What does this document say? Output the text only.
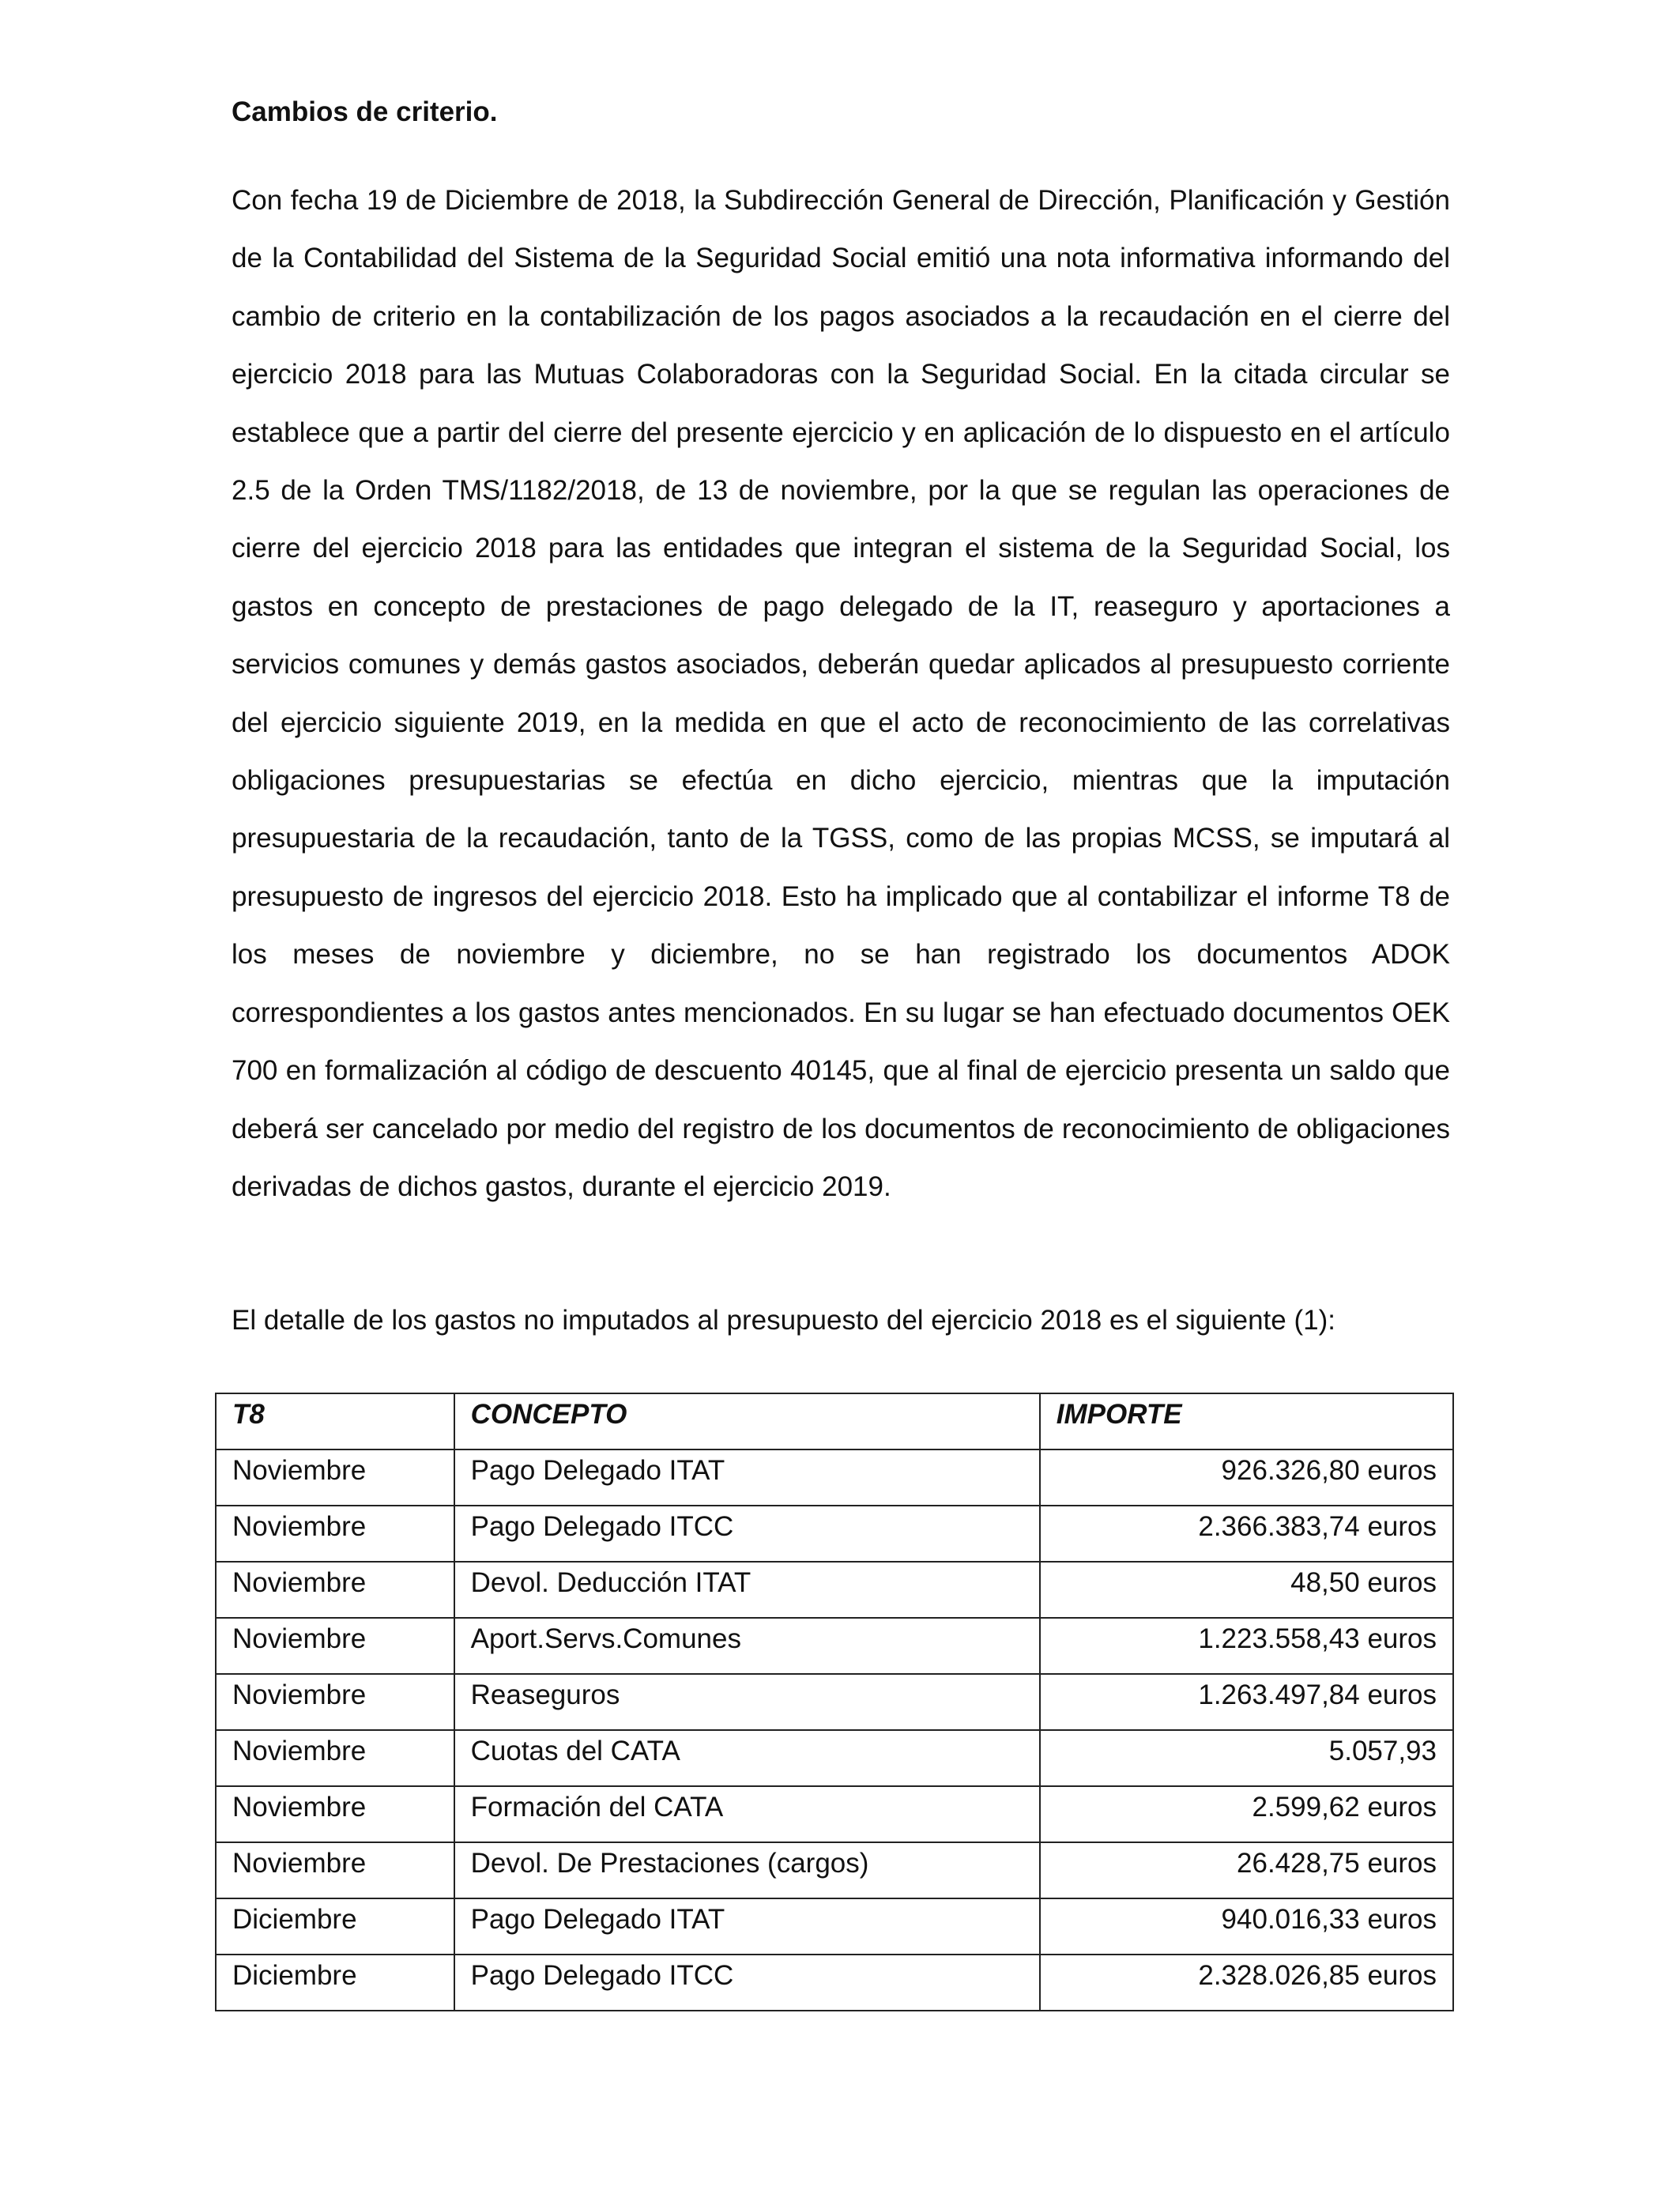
Cambios de criterio.

Con fecha 19 de Diciembre de 2018, la Subdirección General de Dirección, Planificación y Gestión de la Contabilidad del Sistema de la Seguridad Social emitió una nota informativa informando del cambio de criterio en la contabilización de los pagos asociados a la recaudación en el cierre del ejercicio 2018 para las Mutuas Colaboradoras con la Seguridad Social. En la citada circular se establece que a partir del cierre del presente ejercicio y en aplicación de lo dispuesto en el artículo 2.5 de la Orden TMS/1182/2018, de 13 de noviembre, por la que se regulan las operaciones de cierre del ejercicio 2018 para las entidades que integran el sistema de la Seguridad Social, los gastos en concepto de prestaciones de pago delegado de la IT, reaseguro y aportaciones a servicios comunes y demás gastos asociados, deberán quedar aplicados al presupuesto corriente del ejercicio siguiente 2019, en la medida en que el acto de reconocimiento de las correlativas obligaciones presupuestarias se efectúa en dicho ejercicio, mientras que la imputación presupuestaria de la recaudación, tanto de la TGSS, como de las propias MCSS, se imputará al presupuesto de ingresos del ejercicio 2018. Esto ha implicado que al contabilizar el informe T8 de los meses de noviembre y diciembre, no se han registrado los documentos ADOK correspondientes a los gastos antes mencionados. En su lugar se han efectuado documentos OEK 700 en formalización al código de descuento 40145, que al final de ejercicio presenta un saldo que deberá ser cancelado por medio del registro de los documentos de reconocimiento de obligaciones derivadas de dichos gastos, durante el ejercicio 2019.

El detalle de los gastos no imputados al presupuesto del ejercicio 2018 es el siguiente (1):
T8	CONCEPTO	IMPORTE
Noviembre	Pago Delegado ITAT	926.326,80 euros
Noviembre	Pago Delegado ITCC	2.366.383,74 euros
Noviembre	Devol. Deducción ITAT	48,50 euros
Noviembre	Aport.Servs.Comunes	1.223.558,43 euros
Noviembre	Reaseguros	1.263.497,84 euros
Noviembre	Cuotas del CATA	5.057,93
Noviembre	Formación del CATA	2.599,62 euros
Noviembre	Devol. De Prestaciones (cargos)	26.428,75 euros
Diciembre	Pago Delegado ITAT	940.016,33 euros
Diciembre	Pago Delegado ITCC	2.328.026,85 euros
